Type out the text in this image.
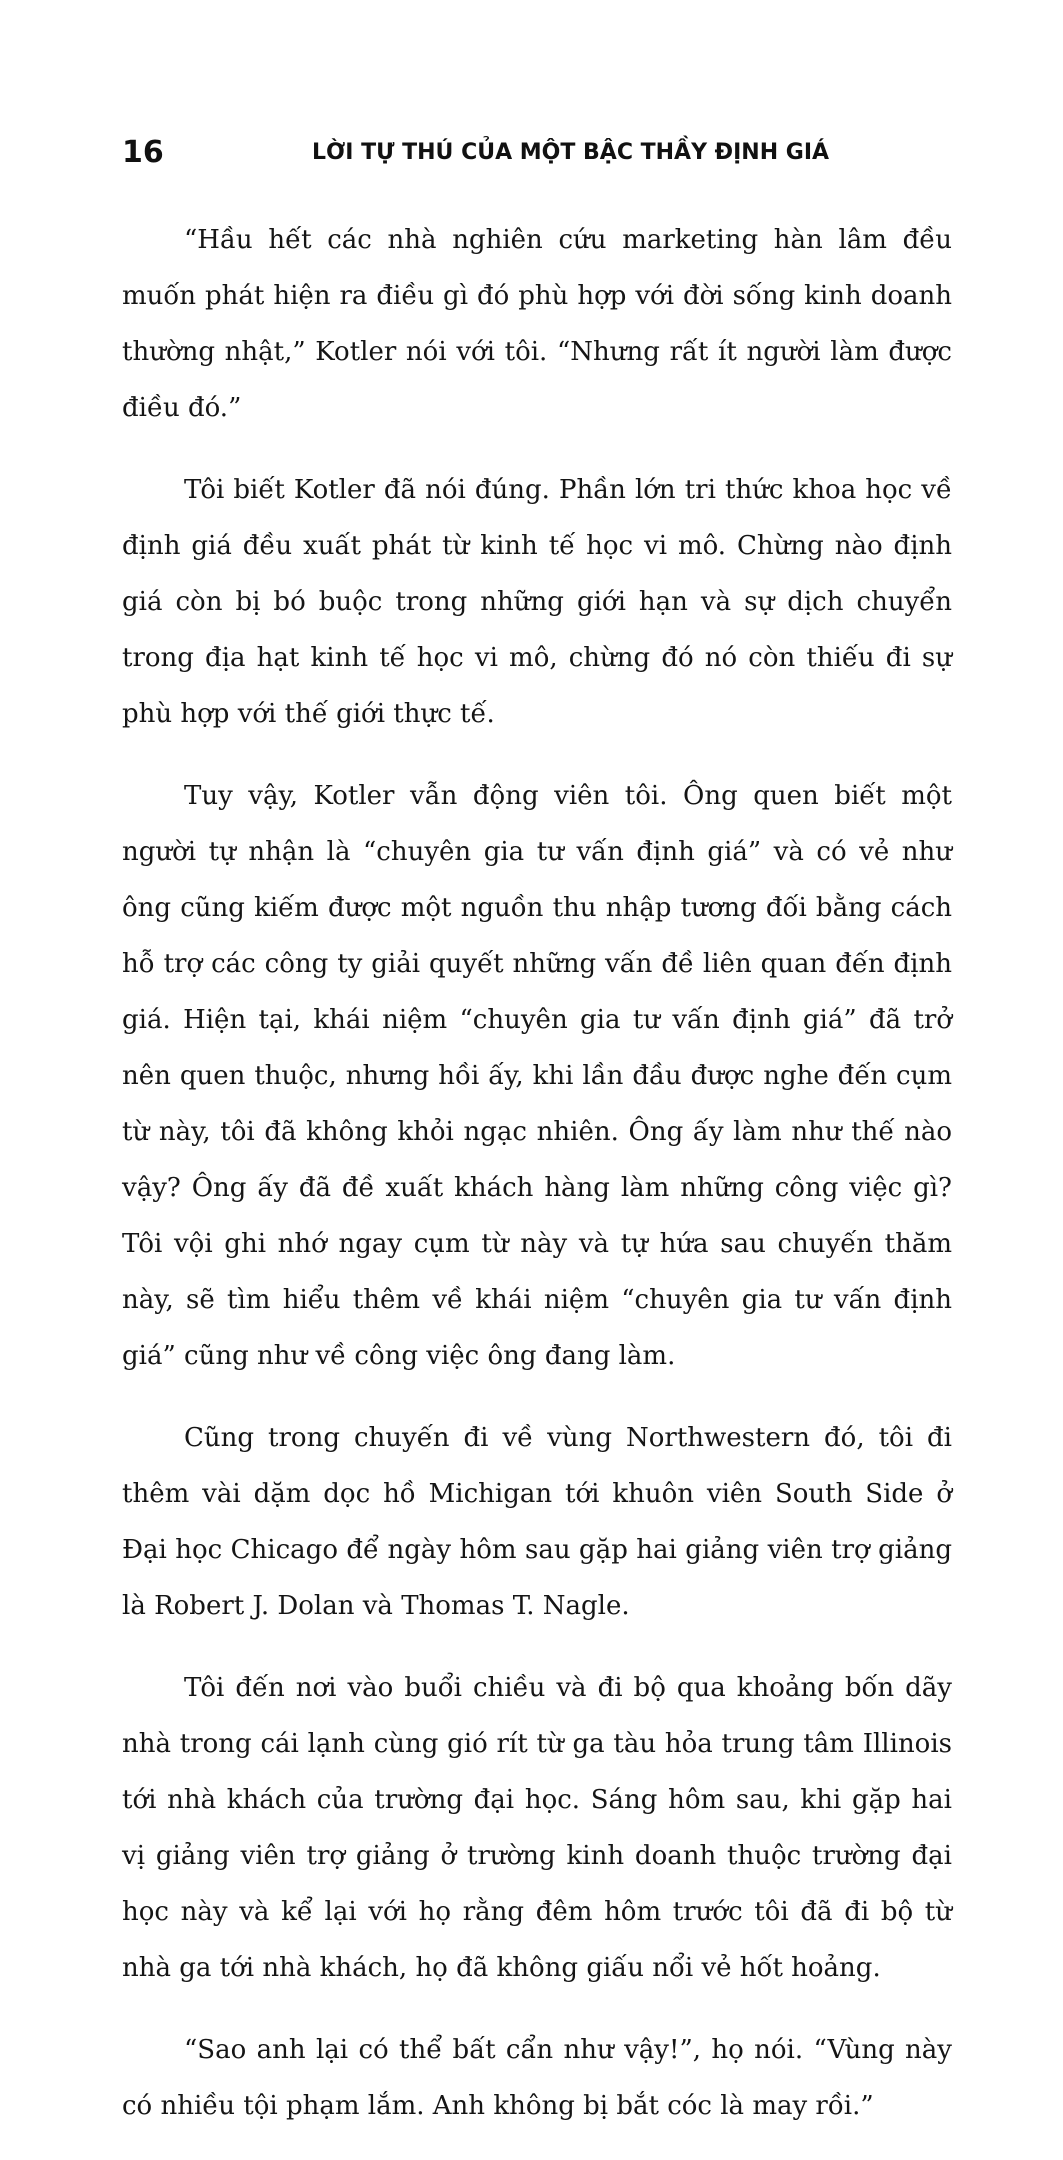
16	LỜI TỰ THÚ CỦA MỘT BẬC THẦY ĐỊNH GIÁ

“Hầu hết các nhà nghiên cứu marketing hàn lâm đều muốn phát hiện ra điều gì đó phù hợp với đời sống kinh doanh thường nhật,” Kotler nói với tôi. “Nhưng rất ít người làm được điều đó.”

Tôi biết Kotler đã nói đúng. Phần lớn tri thức khoa học về định giá đều xuất phát từ kinh tế học vi mô. Chừng nào định giá còn bị bó buộc trong những giới hạn và sự dịch chuyển trong địa hạt kinh tế học vi mô, chừng đó nó còn thiếu đi sự phù hợp với thế giới thực tế.

Tuy vậy, Kotler vẫn động viên tôi. Ông quen biết một người tự nhận là “chuyên gia tư vấn định giá” và có vẻ như ông cũng kiếm được một nguồn thu nhập tương đối bằng cách hỗ trợ các công ty giải quyết những vấn đề liên quan đến định giá. Hiện tại, khái niệm “chuyên gia tư vấn định giá” đã trở nên quen thuộc, nhưng hồi ấy, khi lần đầu được nghe đến cụm từ này, tôi đã không khỏi ngạc nhiên. Ông ấy làm như thế nào vậy? Ông ấy đã đề xuất khách hàng làm những công việc gì? Tôi vội ghi nhớ ngay cụm từ này và tự hứa sau chuyến thăm này, sẽ tìm hiểu thêm về khái niệm “chuyên gia tư vấn định giá” cũng như về công việc ông đang làm.

Cũng trong chuyến đi về vùng Northwestern đó, tôi đi thêm vài dặm dọc hồ Michigan tới khuôn viên South Side ở Đại học Chicago để ngày hôm sau gặp hai giảng viên trợ giảng là Robert J. Dolan và Thomas T. Nagle.

Tôi đến nơi vào buổi chiều và đi bộ qua khoảng bốn dãy nhà trong cái lạnh cùng gió rít từ ga tàu hỏa trung tâm Illinois tới nhà khách của trường đại học. Sáng hôm sau, khi gặp hai vị giảng viên trợ giảng ở trường kinh doanh thuộc trường đại học này và kể lại với họ rằng đêm hôm trước tôi đã đi bộ từ nhà ga tới nhà khách, họ đã không giấu nổi vẻ hốt hoảng.

“Sao anh lại có thể bất cẩn như vậy!”, họ nói. “Vùng này có nhiều tội phạm lắm. Anh không bị bắt cóc là may rồi.”
